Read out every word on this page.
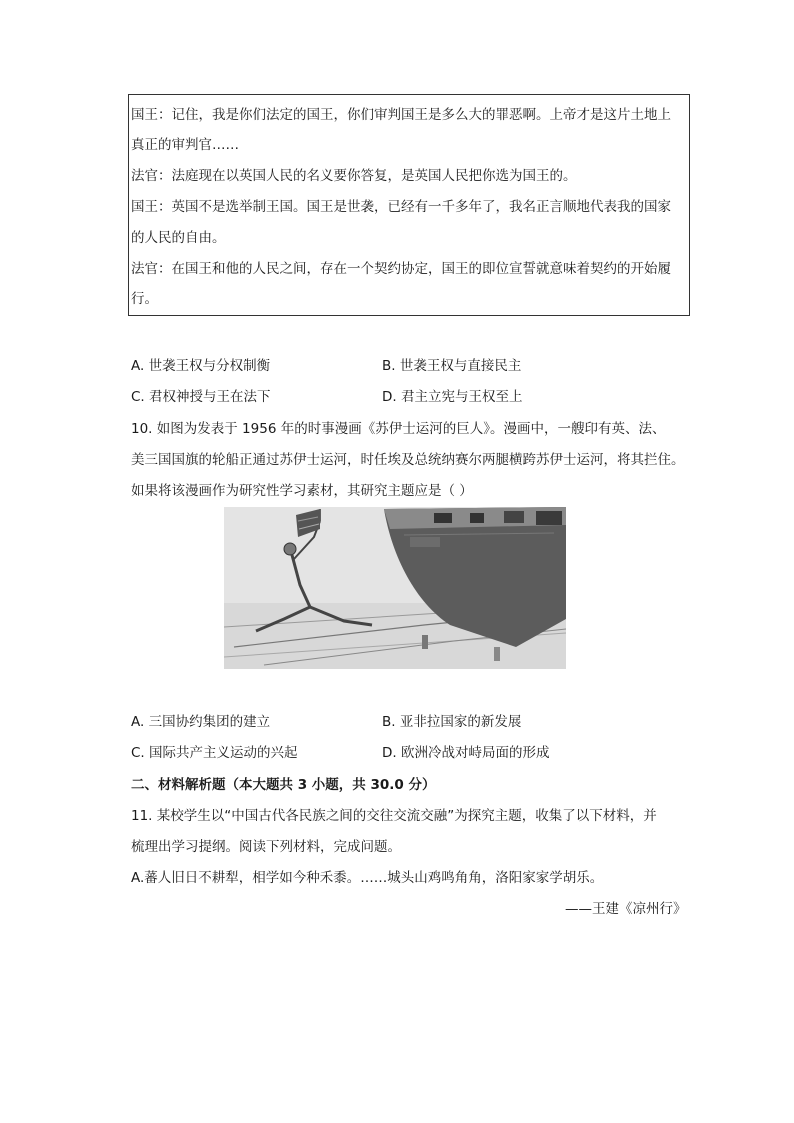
国王：记住，我是你们法定的国王，你们审判国王是多么大的罪恶啊。上帝才是这片土地上
真正的审判官……
法官：法庭现在以英国人民的名义要你答复，是英国人民把你选为国王的。
国王：英国不是选举制王国。国王是世袭，已经有一千多年了，我名正言顺地代表我的国家
的人民的自由。
法官：在国王和他的人民之间，存在一个契约协定，国王的即位宣誓就意味着契约的开始履
行。
A. 世袭王权与分权制衡	B. 世袭王权与直接民主
C. 君权神授与王在法下	D. 君主立宪与王权至上
10. 如图为发表于 1956 年的时事漫画《苏伊士运河的巨人》。漫画中，一艘印有英、法、
美三国国旗的轮船正通过苏伊士运河，时任埃及总统纳赛尔两腿横跨苏伊士运河，将其拦住。
如果将该漫画作为研究性学习素材，其研究主题应是（ ）
A. 三国协约集团的建立	B. 亚非拉国家的新发展
C. 国际共产主义运动的兴起	D. 欧洲冷战对峙局面的形成
二、材料解析题（本大题共 3 小题，共 30.0 分）
11. 某校学生以“中国古代各民族之间的交往交流交融”为探究主题，收集了以下材料，并
梳理出学习提纲。阅读下列材料，完成问题。
A.蕃人旧日不耕犁，相学如今种禾黍。……城头山鸡鸣角角，洛阳家家学胡乐。
——王建《凉州行》
